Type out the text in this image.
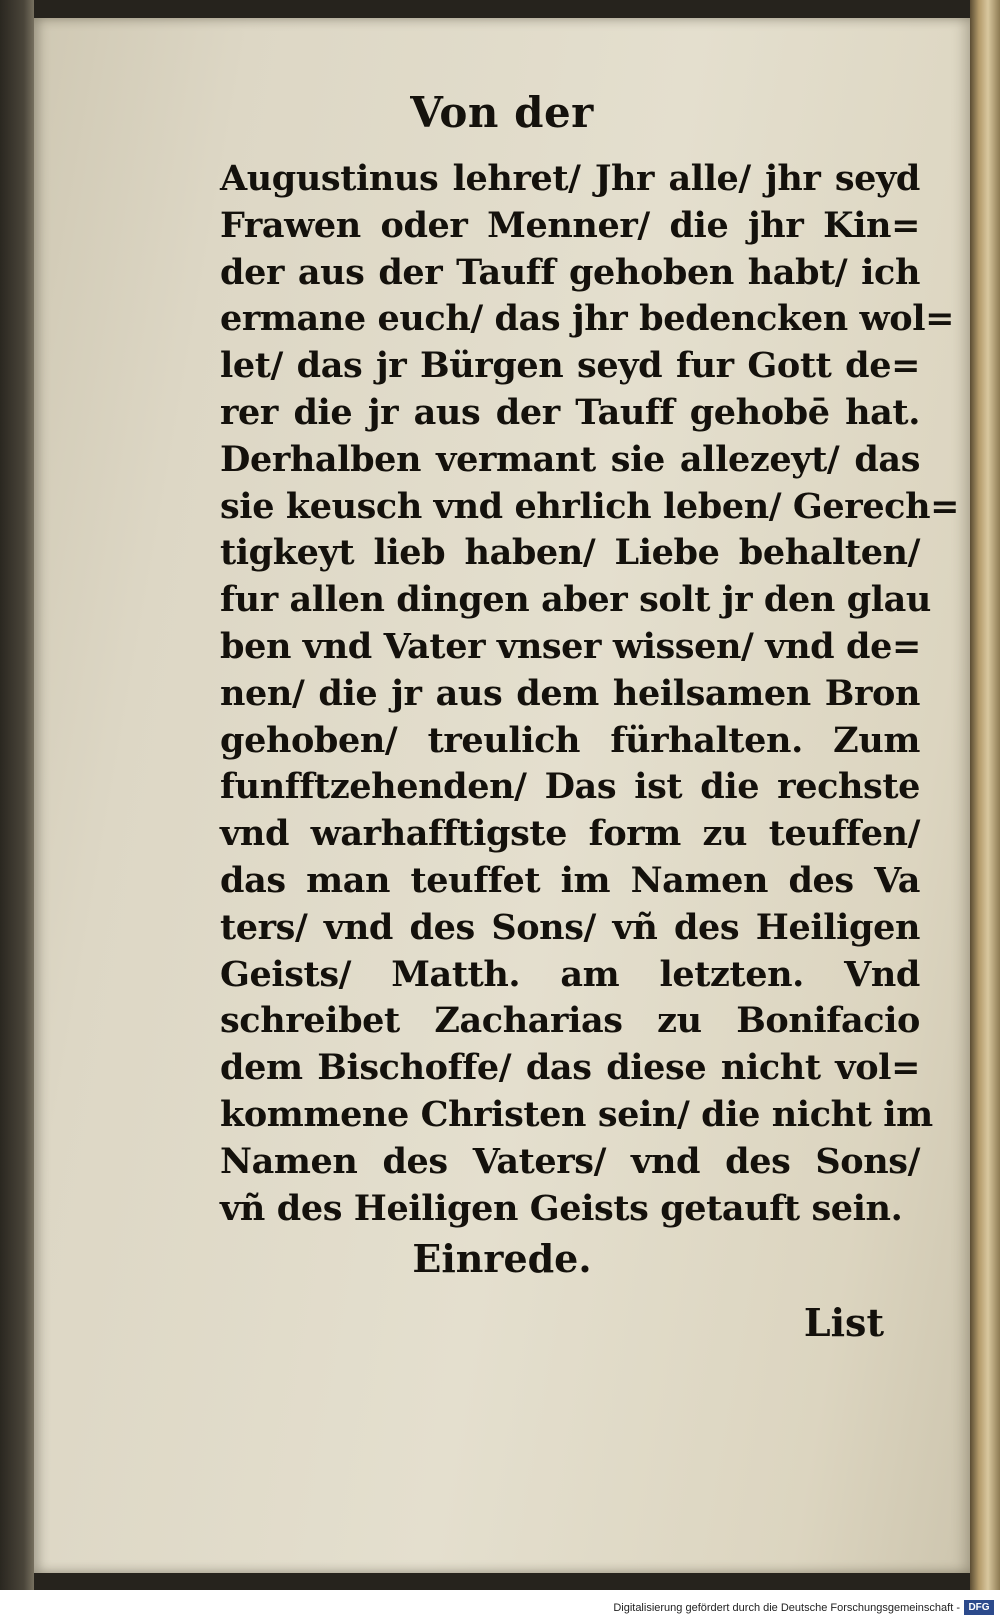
Von der
Augustinus lehret/ Jhr alle/ jhr seyd
Frawen oder Menner/ die jhr Kin=
der aus der Tauff gehoben habt/ ich
ermane euch/ das jhr bedencken wol=
let/ das jr Bürgen seyd fur Gott de=
rer die jr aus der Tauff gehobē hat.
Derhalben vermant sie allezeyt/ das
sie keusch vnd ehrlich leben/ Gerech=
tigkeyt lieb haben/ Liebe behalten/
fur allen dingen aber solt jr den glau
ben vnd Vater vnser wissen/ vnd de=
nen/ die jr aus dem heilsamen Bron
gehoben/ treulich fürhalten. Zum
funfftzehenden/ Das ist die rechste
vnd warhafftigste form zu teuffen/
das man teuffet im Namen des Va
ters/ vnd des Sons/ vñ des Heiligen
Geists/ Matth. am letzten. Vnd
schreibet Zacharias zu Bonifacio
dem Bischoffe/ das diese nicht vol=
kommene Christen sein/ die nicht im
Namen des Vaters/ vnd des Sons/
vñ des Heiligen Geists getauft sein.
Einrede.
List
Digitalisierung gefördert durch die Deutsche Forschungsgemeinschaft - DFG
